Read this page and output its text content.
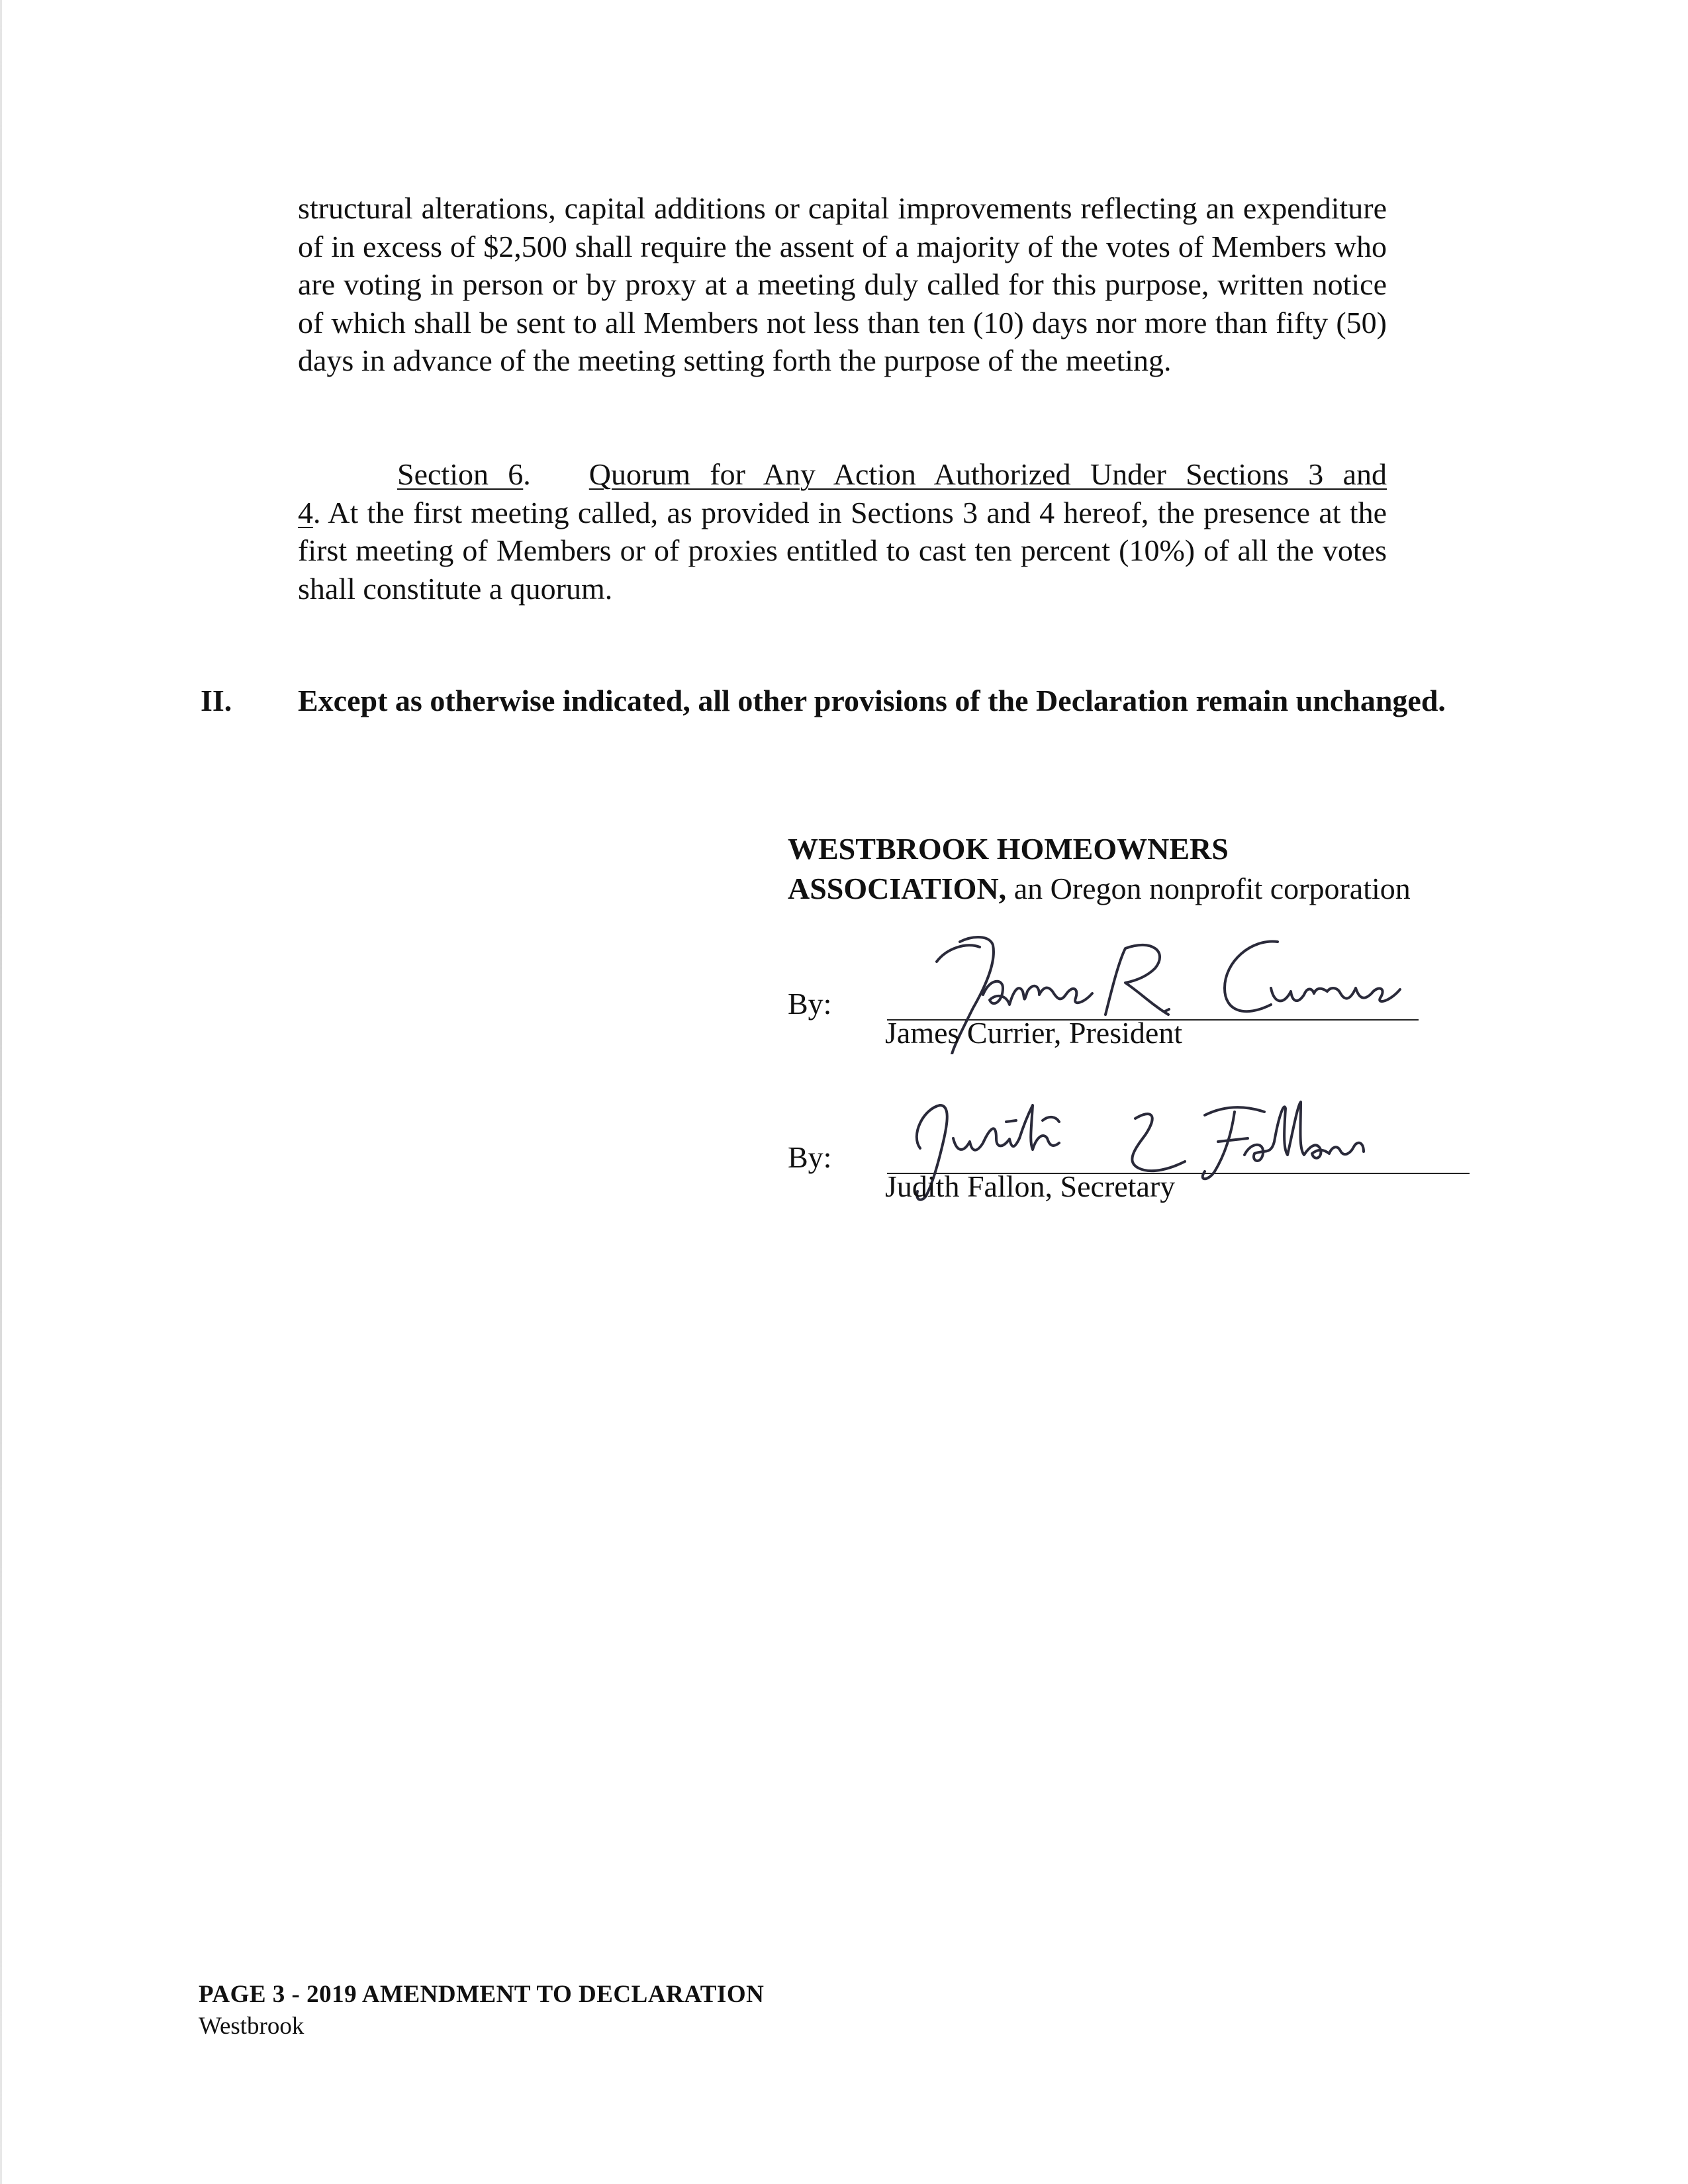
structural alterations, capital additions or capital improvements reflecting an expenditure of in excess of $2,500 shall require the assent of a majority of the votes of Members who are voting in person or by proxy at a meeting duly called for this purpose, written notice of which shall be sent to all Members not less than ten (10) days nor more than fifty (50) days in advance of the meeting setting forth the purpose of the meeting.

Section 6. Quorum for Any Action Authorized Under Sections 3 and
4. At the first meeting called, as provided in Sections 3 and 4 hereof, the presence at the first meeting of Members or of proxies entitled to cast ten percent (10%) of all the votes shall constitute a quorum.
II. Except as otherwise indicated, all other provisions of the Declaration remain unchanged.
WESTBROOK HOMEOWNERS
ASSOCIATION, an Oregon nonprofit corporation
By:
James Currier, President
By:
Judith Fallon, Secretary
PAGE 3 - 2019 AMENDMENT TO DECLARATION
Westbrook
